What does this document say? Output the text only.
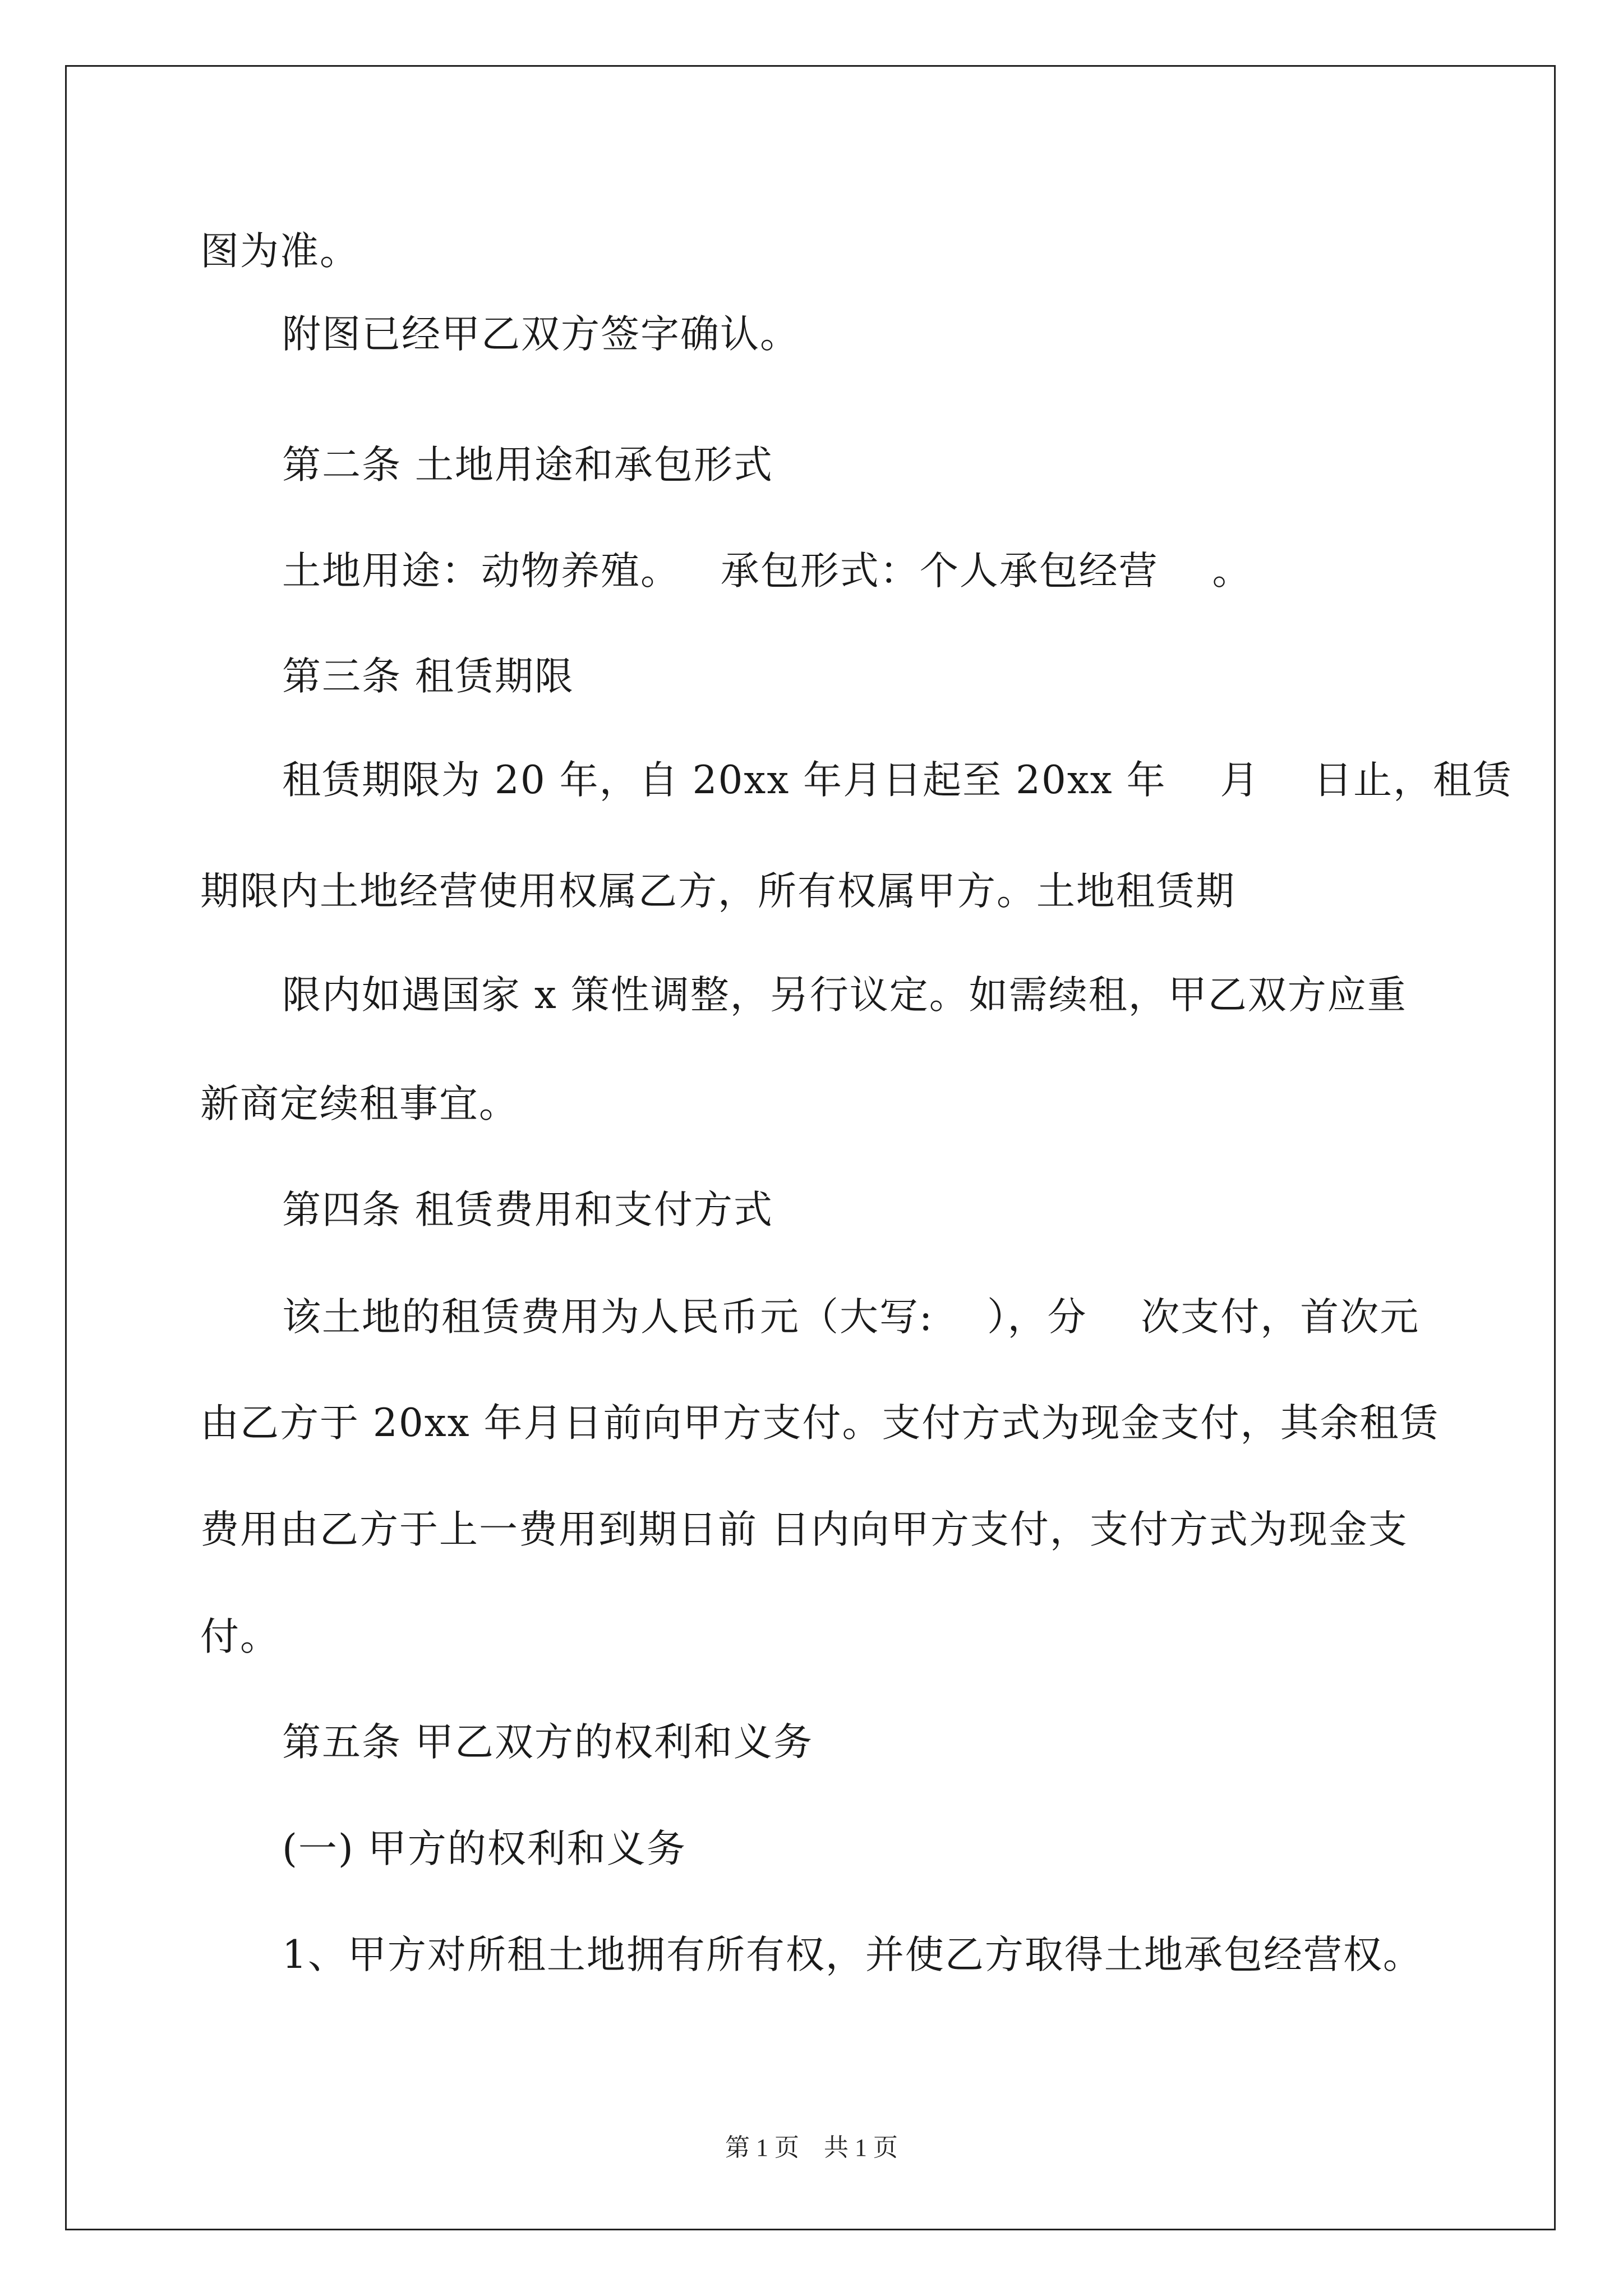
图为准。
附图已经甲乙双方签字确认。
第二条 土地用途和承包形式
土地用途：动物养殖。   承包形式：个人承包经营    。
第三条 租赁期限
租赁期限为 20 年，自 20xx 年月日起至 20xx 年    月    日止，租赁
期限内土地经营使用权属乙方，所有权属甲方。土地租赁期
限内如遇国家 x 策性调整，另行议定。如需续租，甲乙双方应重
新商定续租事宜。
第四条 租赁费用和支付方式
该土地的租赁费用为人民币元（大写:    ），分    次支付，首次元
由乙方于 20xx 年月日前向甲方支付。支付方式为现金支付，其余租赁
费用由乙方于上一费用到期日前 日内向甲方支付，支付方式为现金支
付。
第五条 甲乙双方的权利和义务
(一) 甲方的权利和义务
1、甲方对所租土地拥有所有权，并使乙方取得土地承包经营权。
第 1 页    共 1 页
